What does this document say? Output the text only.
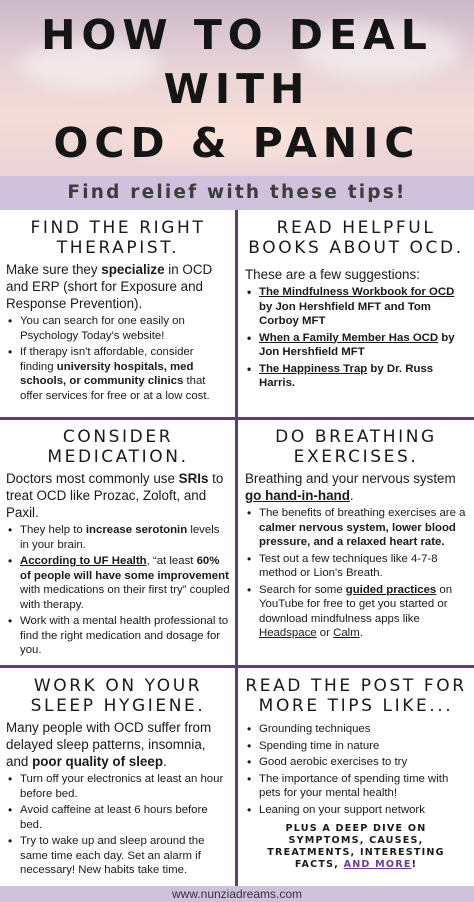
HOW TO DEAL
WITH
OCD & PANIC
Find relief with these tips!
FIND THE RIGHT THERAPIST.

Make sure they specialize in OCD and ERP (short for Exposure and Response Prevention).

• You can search for one easily on Psychology Today's website!
• If therapy isn't affordable, consider finding university hospitals, med schools, or community clinics that offer services for free or at a low cost.
READ HELPFUL BOOKS ABOUT OCD.

These are a few suggestions:

• The Mindfulness Workbook for OCD by Jon Hershfield MFT and Tom Corboy MFT
• When a Family Member Has OCD by Jon Hershfield MFT
• The Happiness Trap by Dr. Russ Harris.
CONSIDER MEDICATION.

Doctors most commonly use SRIs to treat OCD like Prozac, Zoloft, and Paxil.

• They help to increase serotonin levels in your brain.
• According to UF Health, “at least 60% of people will have some improvement with medications on their first try” coupled with therapy.
• Work with a mental health professional to find the right medication and dosage for you.
DO BREATHING EXERCISES.

Breathing and your nervous system go hand-in-hand.

• The benefits of breathing exercises are a calmer nervous system, lower blood pressure, and a relaxed heart rate.
• Test out a few techniques like 4-7-8 method or Lion's Breath.
• Search for some guided practices on YouTube for free to get you started or download mindfulness apps like Headspace or Calm.
WORK ON YOUR SLEEP HYGIENE.

Many people with OCD suffer from delayed sleep patterns, insomnia, and poor quality of sleep.

• Turn off your electronics at least an hour before bed.
• Avoid caffeine at least 6 hours before bed.
• Try to wake up and sleep around the same time each day. Set an alarm if necessary! New habits take time.
READ THE POST FOR MORE TIPS LIKE...
• Grounding techniques
• Spending time in nature
• Good aerobic exercises to try
• The importance of spending time with pets for your mental health!
• Leaning on your support network
PLUS A DEEP DIVE ON SYMPTOMS, CAUSES, TREATMENTS, INTERESTING FACTS, AND MORE!
www.nunziadreams.com
